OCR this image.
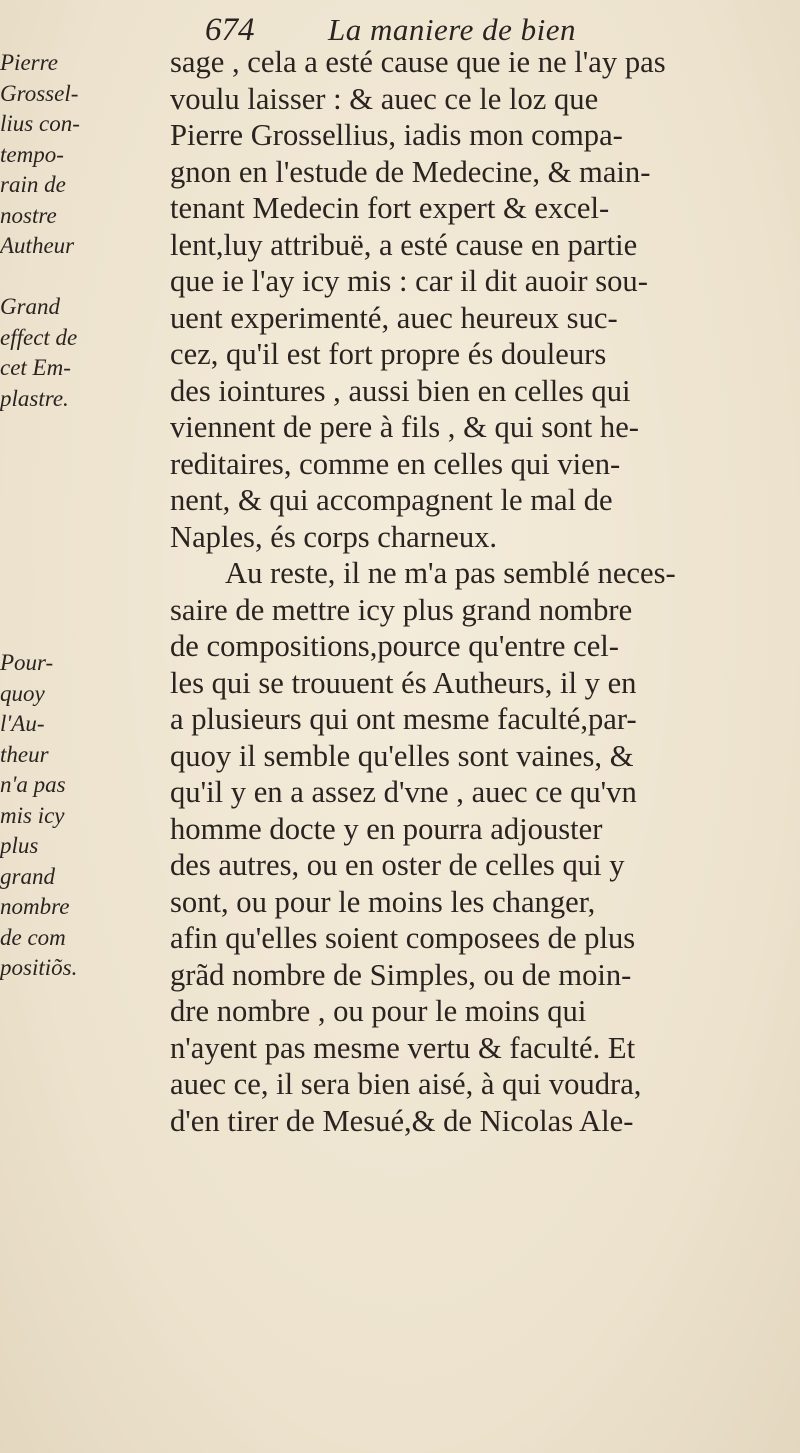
674 La maniere de bien
Pierre
Grossel-
lius con-
tempo-
rain de
nostre
Autheur

Grand
effect de
cet Em-
plastre.
Pour-
quoy
l'Au-
theur
n'a pas
mis icy
plus
grand
nombre
de com
positiõs.
sage , cela a esté cause que ie ne l'ay pas
voulu laisser : & auec ce le loz que
Pierre Grossellius, iadis mon compa-
gnon en l'estude de Medecine, & main-
tenant Medecin fort expert & excel-
lent,luy attribuë, a esté cause en partie
que ie l'ay icy mis : car il dit auoir sou-
uent experimenté, auec heureux suc-
cez, qu'il est fort propre és douleurs
des iointures , aussi bien en celles qui
viennent de pere à fils , & qui sont he-
reditaires, comme en celles qui vien-
nent, & qui accompagnent le mal de
Naples, és corps charneux.
Au reste, il ne m'a pas semblé neces-
saire de mettre icy plus grand nombre
de compositions,pource qu'entre cel-
les qui se trouuent és Autheurs, il y en
a plusieurs qui ont mesme faculté,par-
quoy il semble qu'elles sont vaines, &
qu'il y en a assez d'vne , auec ce qu'vn
homme docte y en pourra adjouster
des autres, ou en oster de celles qui y
sont, ou pour le moins les changer,
afin qu'elles soient composees de plus
grãd nombre de Simples, ou de moin-
dre nombre , ou pour le moins qui
n'ayent pas mesme vertu & faculté. Et
auec ce, il sera bien aisé, à qui voudra,
d'en tirer de Mesué,& de Nicolas Ale-
